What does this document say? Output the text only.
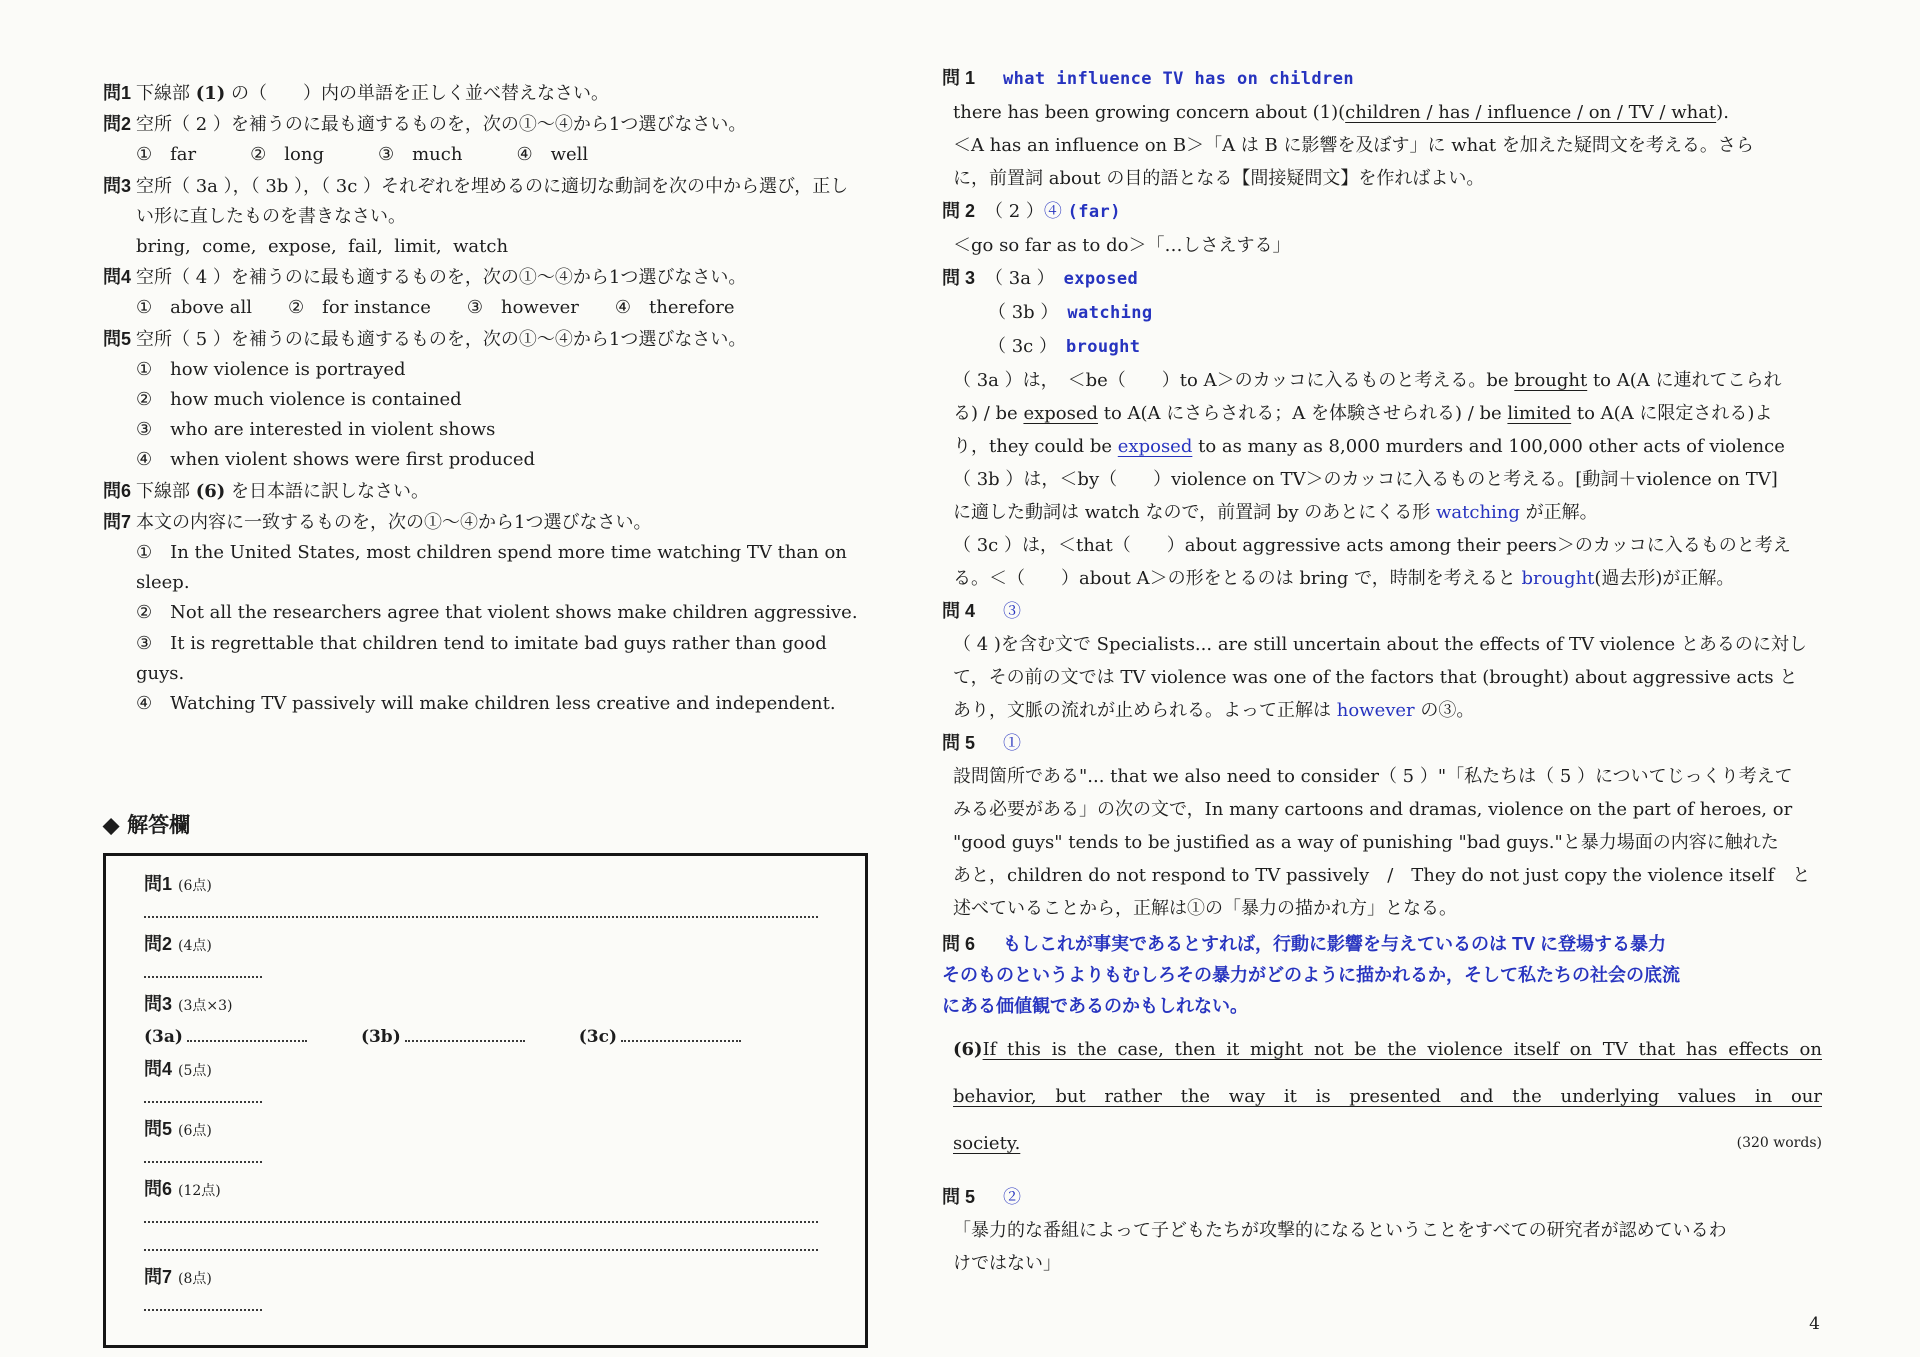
問1 下線部 (1) の（　　）内の単語を正しく並べ替えなさい。
問2 空所（ 2 ）を補うのに最も適するものを，次の①～④から1つ選びなさい。
①　far　　　②　long　　　③　much　　　④　well
問3 空所（ 3a ），（ 3b ），（ 3c ）それぞれを埋めるのに適切な動詞を次の中から選び，正し
い形に直したものを書きなさい。
bring,  come,  expose,  fail,  limit,  watch
問4 空所（ 4 ）を補うのに最も適するものを，次の①～④から1つ選びなさい。
①　above all　　②　for instance　　③　however　　④　therefore
問5 空所（ 5 ）を補うのに最も適するものを，次の①～④から1つ選びなさい。
①　how violence is portrayed
②　how much violence is contained
③　who are interested in violent shows
④　when violent shows were first produced
問6 下線部 (6) を日本語に訳しなさい。
問7 本文の内容に一致するものを，次の①～④から1つ選びなさい。
①　In the United States, most children spend more time watching TV than on sleep.
②　Not all the researchers agree that violent shows make children aggressive.
③　It is regrettable that children tend to imitate bad guys rather than good guys.
④　Watching TV passively will make children less creative and independent.
◆ 解答欄
問1 (6点)
問2 (4点)
問3 (3点×3)
(3a)	(3b)	(3c)
問4 (5点)
問5 (6点)
問6 (12点)
問7 (8点)
問 1　 what influence TV has on children
there has been growing concern about (1)(children / has / influence / on / TV / what).
＜A has an influence on B＞「A は B に影響を及ぼす」に what を加えた疑問文を考える。さら
に，前置詞 about の目的語となる【間接疑問文】を作ればよい。
問 2 （ 2 ）④ (far)
＜go so far as to do＞「…しさえする」
問 3 （ 3a ）　exposed
（ 3b ）　watching
（ 3c ）　brought
（ 3a ）は，　＜be（　　）to A＞のカッコに入るものと考える。be brought to A(A に連れてこられ
る) / be exposed to A(A にさらされる；A を体験させられる) / be limited to A(A に限定される)よ
り，they could be exposed to as many as 8,000 murders and 100,000 other acts of violence
（ 3b ）は，＜by（　　）violence on TV＞のカッコに入るものと考える。[動詞＋violence on TV]
に適した動詞は watch なので，前置詞 by のあとにくる形 watching が正解。
（ 3c ）は，＜that（　　）about aggressive acts among their peers＞のカッコに入るものと考え
る。＜（　　）about A＞の形をとるのは bring で，時制を考えると brought(過去形)が正解。
問 4　 ③
（ 4 )を含む文で Specialists... are still uncertain about the effects of TV violence とあるのに対し
て，その前の文では TV violence was one of the factors that (brought) about aggressive acts と
あり，文脈の流れが止められる。よって正解は however の③。
問 5　 ①
設問箇所である"... that we also need to consider（ 5 ）"「私たちは（ 5 ）についてじっくり考えて
みる必要がある」の次の文で，In many cartoons and dramas, violence on the part of heroes, or
"good guys" tends to be justified as a way of punishing "bad guys."と暴力場面の内容に触れた
あと，children do not respond to TV passively　/　They do not just copy the violence itself　と
述べていることから，正解は①の「暴力の描かれ方」となる。
問 6　もしこれが事実であるとすれば，行動に影響を与えているのは TV に登場する暴力
そのものというよりもむしろその暴力がどのように描かれるか，そして私たちの社会の底流
にある価値観であるのかもしれない。
(6)If this is the case, then it might not be the violence itself on TV that has effects on
behavior, but rather the way it is presented and the underlying values in our
society.	(320 words)
問 5　 ②
「暴力的な番組によって子どもたちが攻撃的になるということをすべての研究者が認めているわ
けではない」
4
